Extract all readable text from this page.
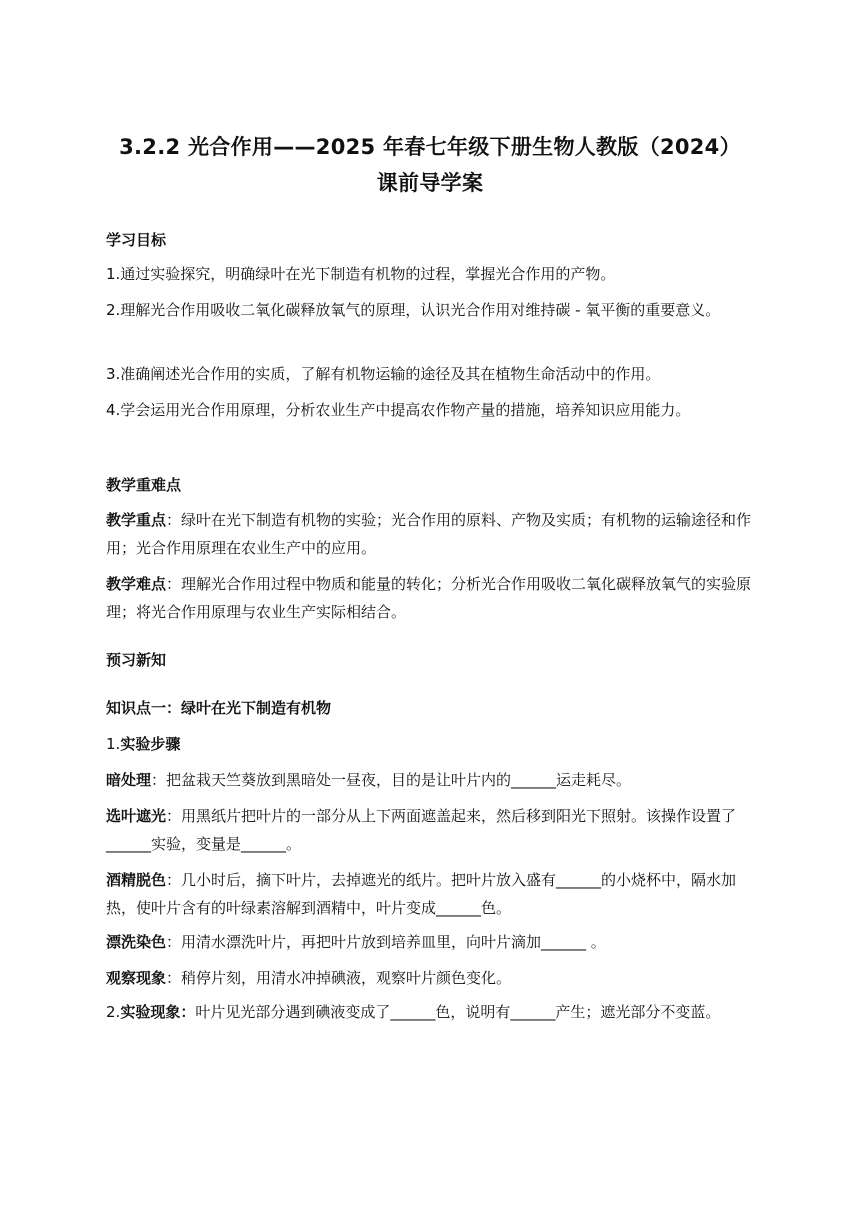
3.2.2 光合作用——2025 年春七年级下册生物人教版（2024）
课前导学案
学习目标
1.通过实验探究，明确绿叶在光下制造有机物的过程，掌握光合作用的产物。
2.理解光合作用吸收二氧化碳释放氧气的原理，认识光合作用对维持碳 - 氧平衡的重要意义。
3.准确阐述光合作用的实质，了解有机物运输的途径及其在植物生命活动中的作用。
4.学会运用光合作用原理，分析农业生产中提高农作物产量的措施，培养知识应用能力。
教学重难点
教学重点：绿叶在光下制造有机物的实验；光合作用的原料、产物及实质；有机物的运输途径和作用；光合作用原理在农业生产中的应用。
教学难点：理解光合作用过程中物质和能量的转化；分析光合作用吸收二氧化碳释放氧气的实验原理；将光合作用原理与农业生产实际相结合。
预习新知
知识点一：绿叶在光下制造有机物
1.实验步骤
暗处理：把盆栽天竺葵放到黑暗处一昼夜，目的是让叶片内的______运走耗尽。
选叶遮光：用黑纸片把叶片的一部分从上下两面遮盖起来，然后移到阳光下照射。该操作设置了______实验，变量是______。
酒精脱色：几小时后，摘下叶片，去掉遮光的纸片。把叶片放入盛有______的小烧杯中，隔水加热，使叶片含有的叶绿素溶解到酒精中，叶片变成______色。
漂洗染色：用清水漂洗叶片，再把叶片放到培养皿里，向叶片滴加______ 。
观察现象：稍停片刻，用清水冲掉碘液，观察叶片颜色变化。
2.实验现象：叶片见光部分遇到碘液变成了______色，说明有______产生；遮光部分不变蓝。
